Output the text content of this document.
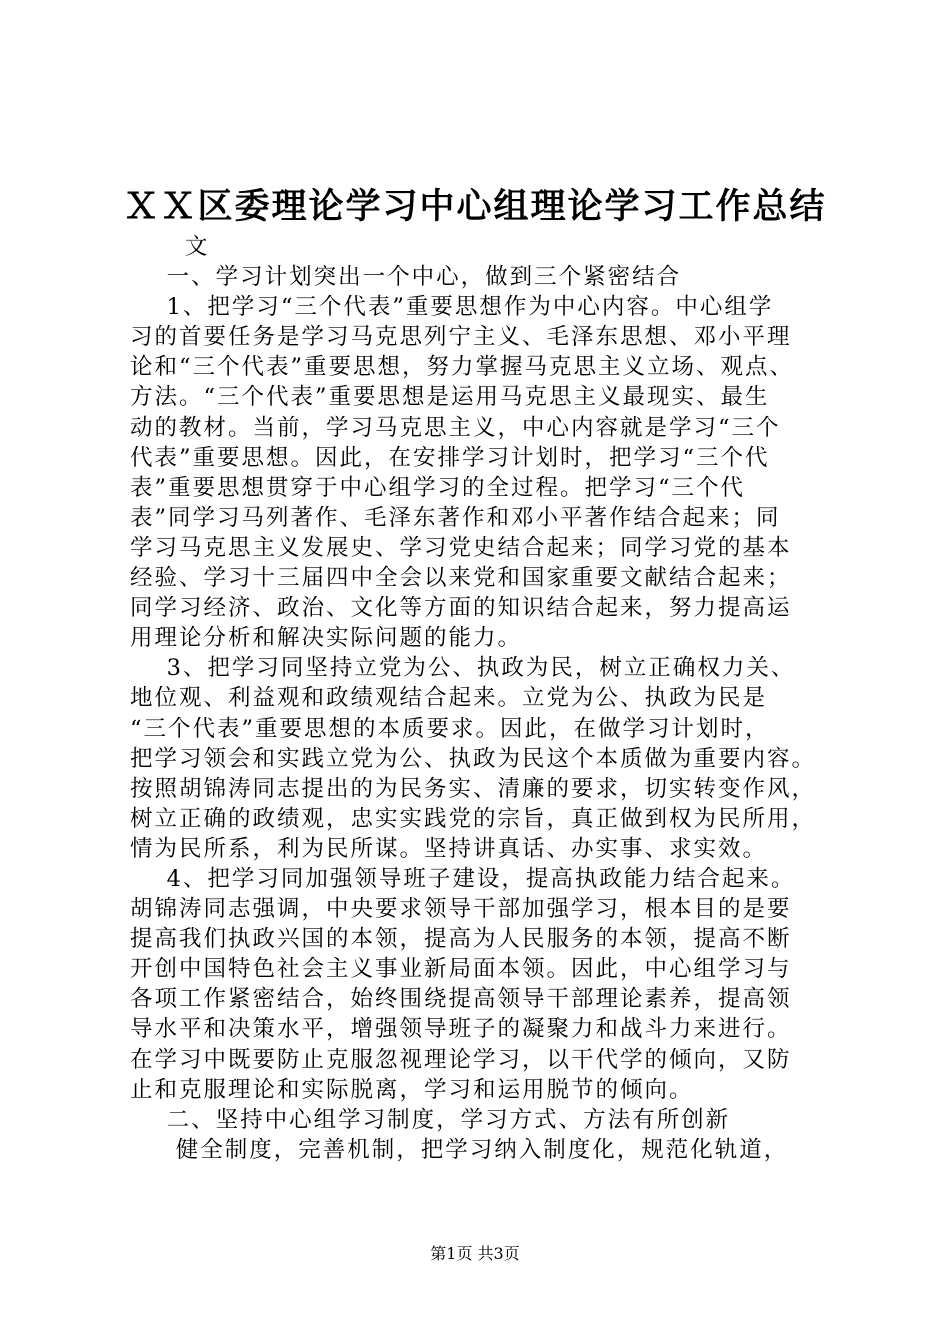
ＸＸ区委理论学习中心组理论学习工作总结
文
一、学习计划突出一个中心，做到三个紧密结合
1、把学习“三个代表”重要思想作为中心内容。中心组学
习的首要任务是学习马克思列宁主义、毛泽东思想、邓小平理
论和“三个代表”重要思想，努力掌握马克思主义立场、观点、
方法。“三个代表”重要思想是运用马克思主义最现实、最生
动的教材。当前，学习马克思主义，中心内容就是学习“三个
代表”重要思想。因此，在安排学习计划时，把学习“三个代
表”重要思想贯穿于中心组学习的全过程。把学习“三个代
表”同学习马列著作、毛泽东著作和邓小平著作结合起来；同
学习马克思主义发展史、学习党史结合起来；同学习党的基本
经验、学习十三届四中全会以来党和国家重要文献结合起来；
同学习经济、政治、文化等方面的知识结合起来，努力提高运
用理论分析和解决实际问题的能力。
3、把学习同坚持立党为公、执政为民，树立正确权力关、
地位观、利益观和政绩观结合起来。立党为公、执政为民是
“三个代表”重要思想的本质要求。因此，在做学习计划时，
把学习领会和实践立党为公、执政为民这个本质做为重要内容。
按照胡锦涛同志提出的为民务实、清廉的要求，切实转变作风，
树立正确的政绩观，忠实实践党的宗旨，真正做到权为民所用，
情为民所系，利为民所谋。坚持讲真话、办实事、求实效。
4、把学习同加强领导班子建设，提高执政能力结合起来。
胡锦涛同志强调，中央要求领导干部加强学习，根本目的是要
提高我们执政兴国的本领，提高为人民服务的本领，提高不断
开创中国特色社会主义事业新局面本领。因此，中心组学习与
各项工作紧密结合，始终围绕提高领导干部理论素养，提高领
导水平和决策水平，增强领导班子的凝聚力和战斗力来进行。
在学习中既要防止克服忽视理论学习，以干代学的倾向，又防
止和克服理论和实际脱离，学习和运用脱节的倾向。
二、坚持中心组学习制度，学习方式、方法有所创新
健全制度，完善机制，把学习纳入制度化，规范化轨道，
第1页 共3页
